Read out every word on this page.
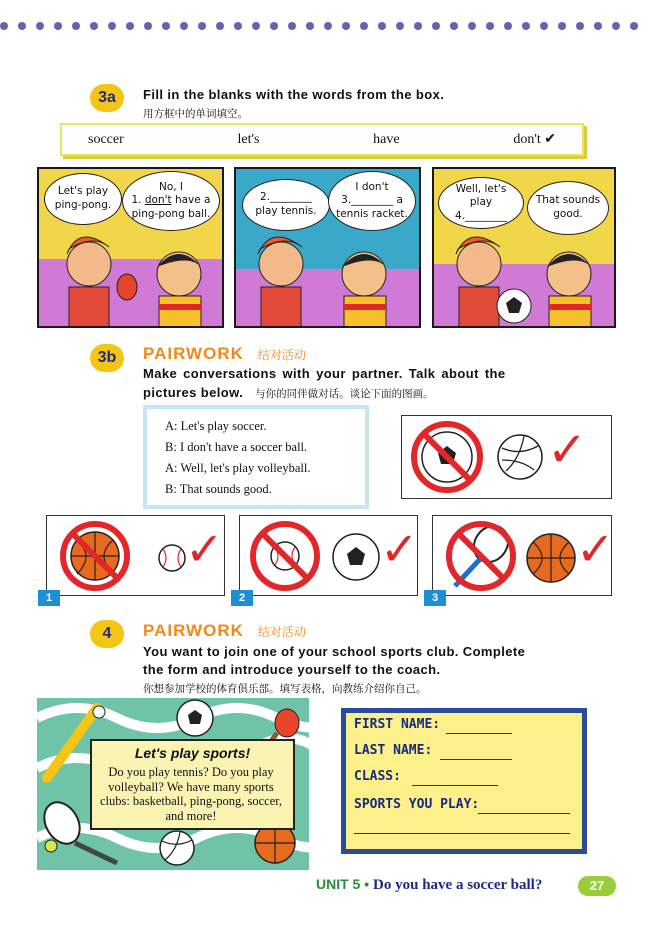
3a	Fill in the blanks with the words from the box.
用方框中的单词填空。
soccer	let's	have	don't ✔
Let's play ping-pong.
No, I
1. don't have a
ping-pong ball.
2.________
play tennis.
I don't
3.________ a
tennis racket.
Well, let's play
4.________
That sounds good.
3b	PAIRWORK 结对活动
Make conversations with your partner. Talk about the
pictures below. 与你的同伴做对话。谈论下面的图画。
A: Let's play soccer.
B: I don't have a soccer ball.
A: Well, let's play volleyball.
B: That sounds good.
✓
✓
1
✓
2
✓
3
4	PAIRWORK 结对活动
You want to join one of your school sports club. Complete
the form and introduce yourself to the coach.
你想参加学校的体育俱乐部。填写表格，向教练介绍你自己。
Let's play sports!
Do you play tennis? Do you play volleyball? We have many sports clubs: basketball, ping-pong, soccer, and more!
FIRST NAME:
LAST NAME:
CLASS:
SPORTS YOU PLAY:
UNIT 5 • Do you have a soccer ball?	27
